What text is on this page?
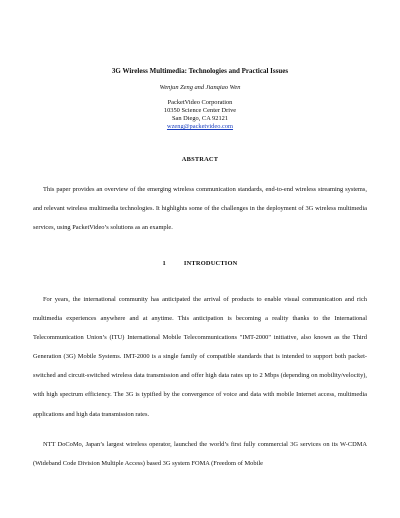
3G Wireless Multimedia: Technologies and Practical Issues
Wenjun Zeng and Jianqiao Wen
PacketVideo Corporation
10350 Science Center Drive
San Diego, CA 92121
wzeng@packetvideo.com
ABSTRACT

This paper provides an overview of the emerging wireless communication standards, end-to-end wireless streaming systems, and relevant wireless multimedia technologies. It highlights some of the challenges in the deployment of 3G wireless multimedia services, using PacketVideo’s solutions as an example.

1	INTRODUCTION

For years, the international community has anticipated the arrival of products to enable visual communication and rich multimedia experiences anywhere and at anytime. This anticipation is becoming a reality thanks to the International Telecommunication Union’s (ITU) International Mobile Telecommunications "IMT-2000" initiative, also known as the Third Generation (3G) Mobile Systems. IMT-2000 is a single family of compatible standards that is intended to support both packet-switched and circuit-switched wireless data transmission and offer high data rates up to 2 Mbps (depending on mobility/velocity), with high spectrum efficiency. The 3G is typified by the convergence of voice and data with mobile Internet access, multimedia applications and high data transmission rates.

NTT DoCoMo, Japan’s largest wireless operator, launched the world’s first fully commercial 3G services on its W-CDMA (Wideband Code Division Multiple Access) based 3G system FOMA (Freedom of Mobile
